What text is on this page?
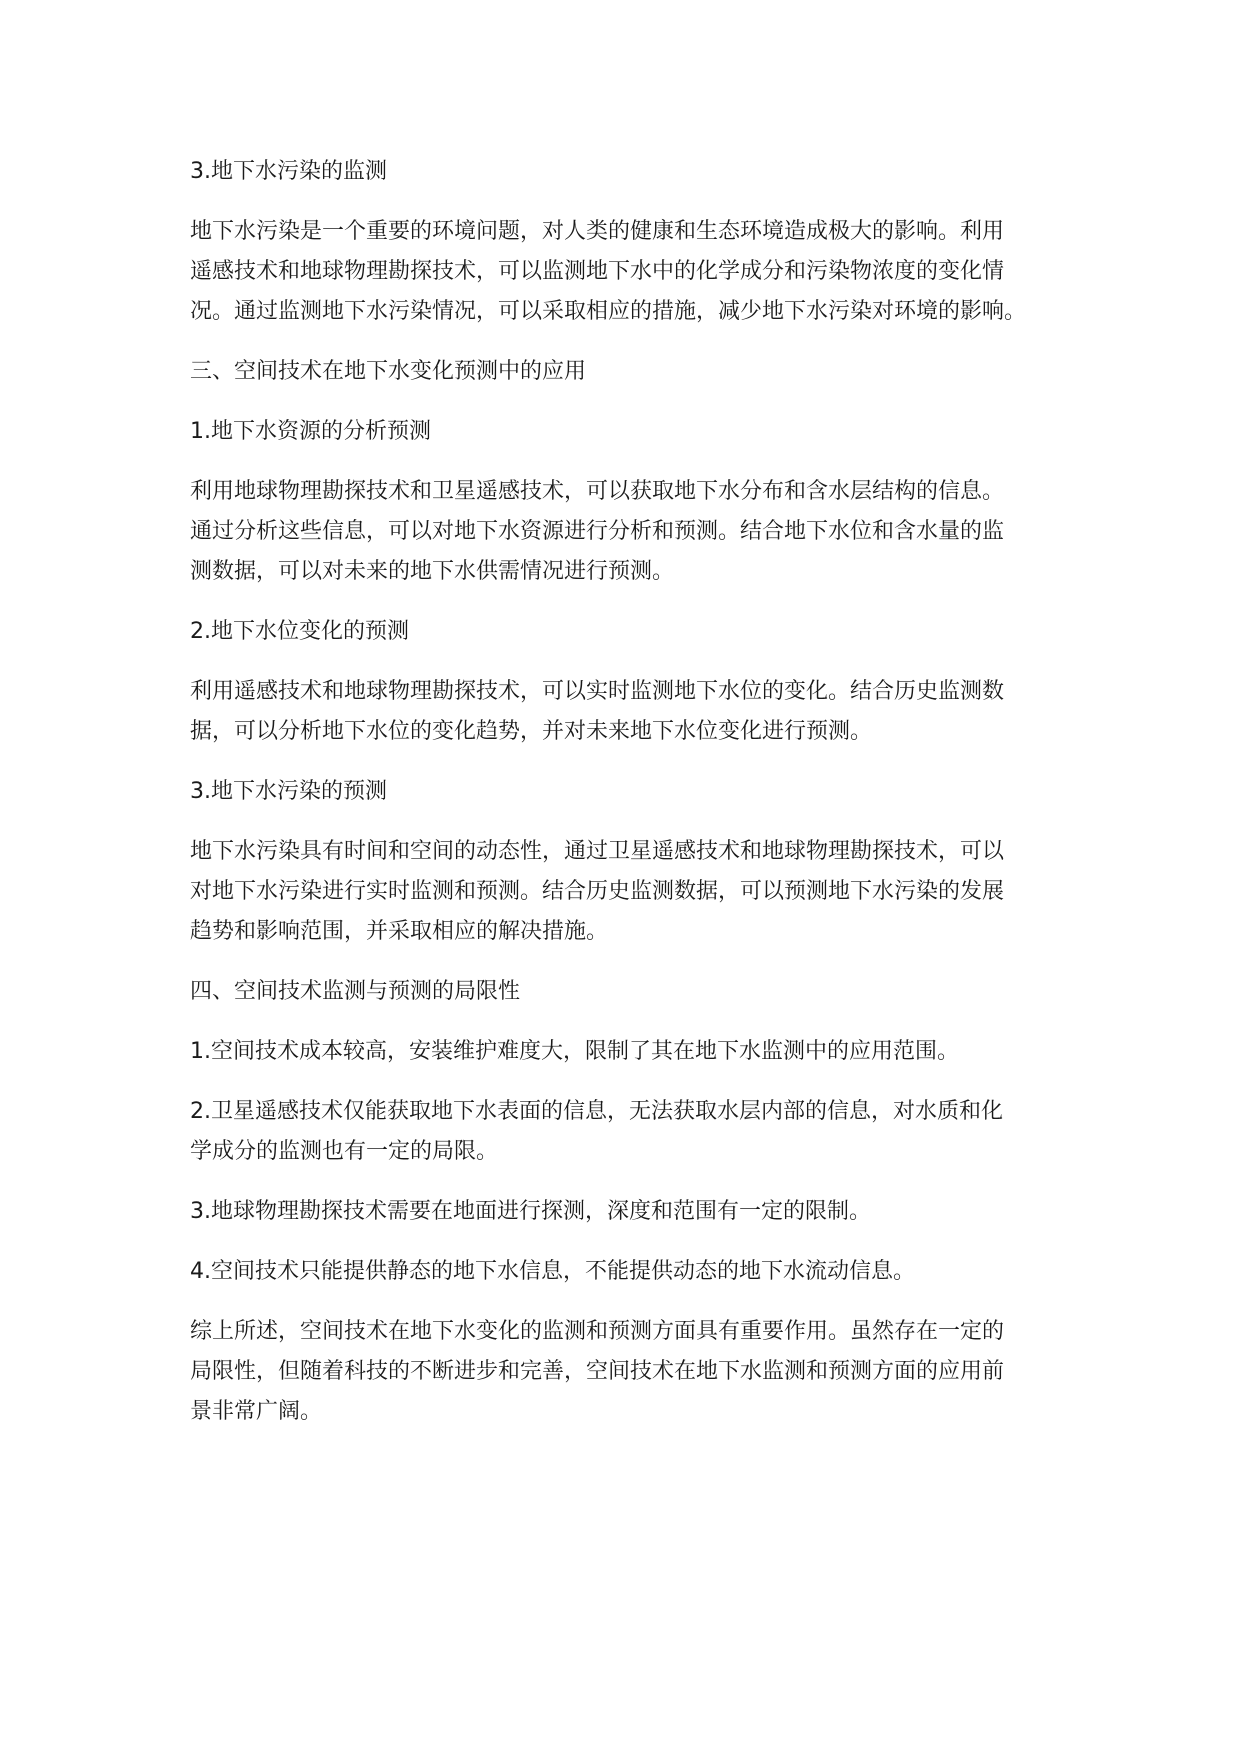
3.地下水污染的监测

地下水污染是一个重要的环境问题，对人类的健康和生态环境造成极大的影响。利用
遥感技术和地球物理勘探技术，可以监测地下水中的化学成分和污染物浓度的变化情
况。通过监测地下水污染情况，可以采取相应的措施，减少地下水污染对环境的影响。

三、空间技术在地下水变化预测中的应用

1.地下水资源的分析预测

利用地球物理勘探技术和卫星遥感技术，可以获取地下水分布和含水层结构的信息。
通过分析这些信息，可以对地下水资源进行分析和预测。结合地下水位和含水量的监
测数据，可以对未来的地下水供需情况进行预测。

2.地下水位变化的预测

利用遥感技术和地球物理勘探技术，可以实时监测地下水位的变化。结合历史监测数
据，可以分析地下水位的变化趋势，并对未来地下水位变化进行预测。

3.地下水污染的预测

地下水污染具有时间和空间的动态性，通过卫星遥感技术和地球物理勘探技术，可以
对地下水污染进行实时监测和预测。结合历史监测数据，可以预测地下水污染的发展
趋势和影响范围，并采取相应的解决措施。

四、空间技术监测与预测的局限性

1.空间技术成本较高，安装维护难度大，限制了其在地下水监测中的应用范围。

2.卫星遥感技术仅能获取地下水表面的信息，无法获取水层内部的信息，对水质和化
学成分的监测也有一定的局限。

3.地球物理勘探技术需要在地面进行探测，深度和范围有一定的限制。

4.空间技术只能提供静态的地下水信息，不能提供动态的地下水流动信息。

综上所述，空间技术在地下水变化的监测和预测方面具有重要作用。虽然存在一定的
局限性，但随着科技的不断进步和完善，空间技术在地下水监测和预测方面的应用前
景非常广阔。
